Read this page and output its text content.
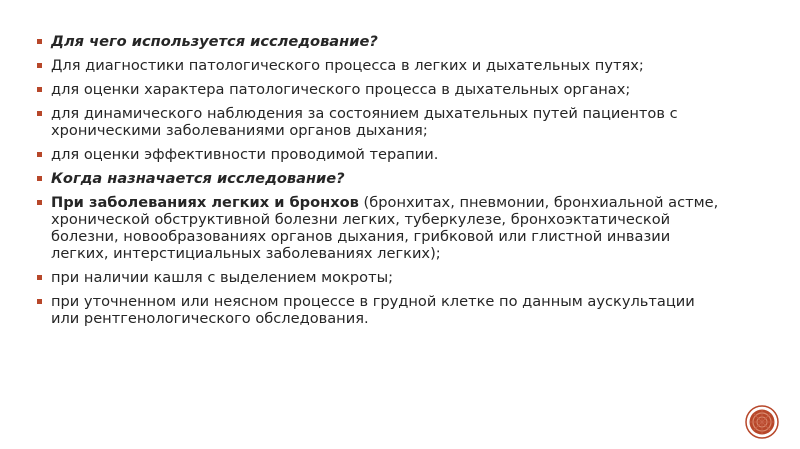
Для чего используется исследование?
Для диагностики патологического процесса в легких и дыхательных путях;
для оценки характера патологического процесса в дыхательных органах;
для динамического наблюдения за состоянием дыхательных путей пациентов с хроническими заболеваниями органов дыхания;
для оценки эффективности проводимой терапии.
Когда назначается исследование?
При заболеваниях легких и бронхов (бронхитах, пневмонии, бронхиальной астме, хронической обструктивной болезни легких, туберкулезе, бронхоэктатической болезни, новообразованиях органов дыхания, грибковой или глистной инвазии легких, интерстициальных заболеваниях легких);
при наличии кашля с выделением мокроты;
при уточненном или неясном процессе в грудной клетке по данным аускультации или рентгенологического обследования.
